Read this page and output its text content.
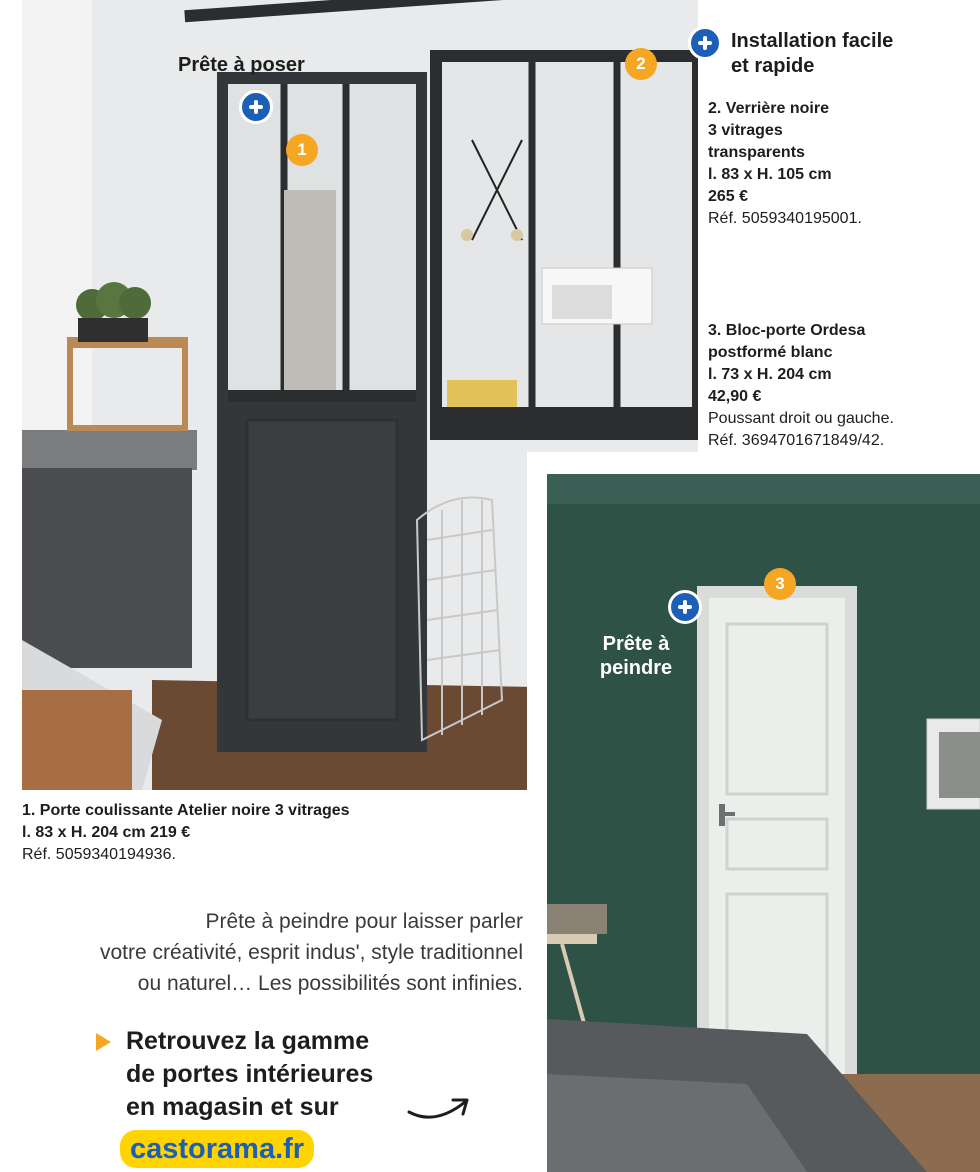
Prête à poser
1
2
Installation facile
et rapide
2. Verrière noire
3 vitrages
transparents
l. 83 x H. 105 cm
265 €
Réf. 5059340195001.
3. Bloc-porte Ordesa
postformé blanc
l. 73 x H. 204 cm
42,90 €
Poussant droit ou gauche.
Réf. 3694701671849/42.
Prête à
peindre
3
1. Porte coulissante Atelier noire 3 vitrages
l. 83 x H. 204 cm 219 €
Réf. 5059340194936.
Prête à peindre pour laisser parler
votre créativité, esprit indus', style traditionnel
ou naturel… Les possibilités sont infinies.
Retrouvez la gamme
de portes intérieures
en magasin et sur
castorama.fr
